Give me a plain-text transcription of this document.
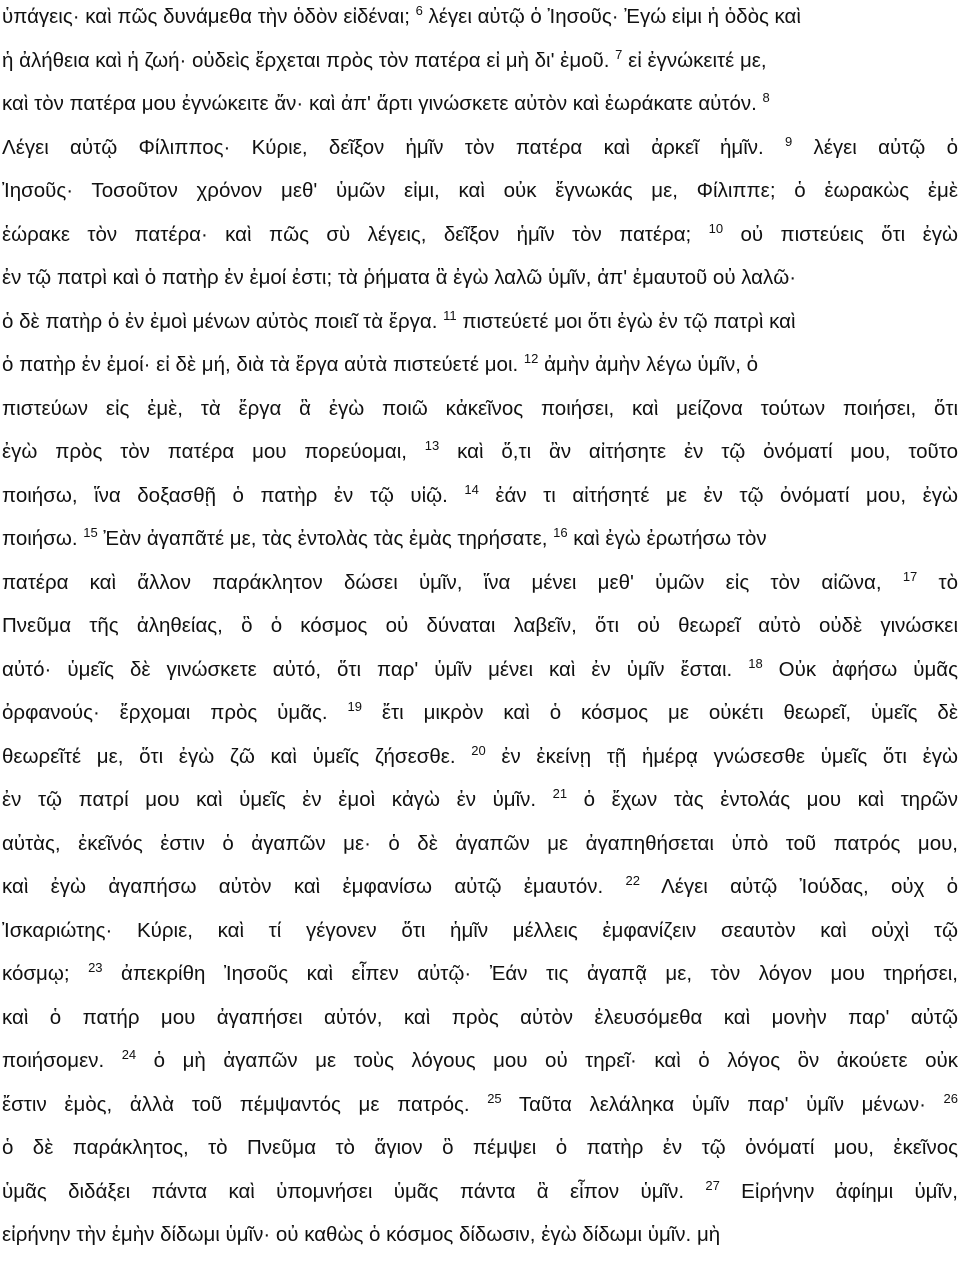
ὑπάγεις· καὶ πῶς δυνάμεθα τὴν ὁδὸν εἰδέναι; $^6$ λέγει αὐτῷ ὁ Ἰησοῦς· Ἐγώ εἰμι ἡ ὁδὸς καὶ
ἡ ἀλήθεια καὶ ἡ ζωή· οὐδεὶς ἔρχεται πρὸς τὸν πατέρα εἰ μὴ δι' ἐμοῦ. $^7$ εἰ ἐγνώκειτέ με,
καὶ τὸν πατέρα μου ἐγνώκειτε ἄν· καὶ ἀπ' ἄρτι γινώσκετε αὐτὸν καὶ ἑωράκατε αὐτόν. $^8$
Λέγει αὐτῷ Φίλιππος· Κύριε, δεῖξον ἡμῖν τὸν πατέρα καὶ ἀρκεῖ ἡμῖν. $^9$ λέγει αὐτῷ ὁ
Ἰησοῦς· Τοσοῦτον χρόνον μεθ' ὑμῶν εἰμι, καὶ οὐκ ἔγνωκάς με, Φίλιππε; ὁ ἑωρακὼς ἐμὲ
ἑώρακε τὸν πατέρα· καὶ πῶς σὺ λέγεις, δεῖξον ἡμῖν τὸν πατέρα; $^{10}$ οὐ πιστεύεις ὅτι ἐγὼ
ἐν τῷ πατρὶ καὶ ὁ πατὴρ ἐν ἐμοί ἐστι; τὰ ῥήματα ἃ ἐγὼ λαλῶ ὑμῖν, ἀπ' ἐμαυτοῦ οὐ λαλῶ·
ὁ δὲ πατὴρ ὁ ἐν ἐμοὶ μένων αὐτὸς ποιεῖ τὰ ἔργα. $^{11}$ πιστεύετέ μοι ὅτι ἐγὼ ἐν τῷ πατρὶ καὶ
ὁ πατὴρ ἐν ἐμοί· εἰ δὲ μή, διὰ τὰ ἔργα αὐτὰ πιστεύετέ μοι. $^{12}$ ἀμὴν ἀμὴν λέγω ὑμῖν, ὁ
πιστεύων εἰς ἐμὲ, τὰ ἔργα ἃ ἐγὼ ποιῶ κἀκεῖνος ποιήσει, καὶ μείζονα τούτων ποιήσει, ὅτι
ἐγὼ πρὸς τὸν πατέρα μου πορεύομαι, $^{13}$ καὶ ὅ,τι ἂν αἰτήσητε ἐν τῷ ὀνόματί μου, τοῦτο
ποιήσω, ἵνα δοξασθῇ ὁ πατὴρ ἐν τῷ υἱῷ. $^{14}$ ἐάν τι αἰτήσητέ με ἐν τῷ ὀνόματί μου, ἐγὼ
ποιήσω. $^{15}$ Ἐὰν ἀγαπᾶτέ με, τὰς ἐντολὰς τὰς ἐμὰς τηρήσατε, $^{16}$ καὶ ἐγὼ ἐρωτήσω τὸν
πατέρα καὶ ἄλλον παράκλητον δώσει ὑμῖν, ἵνα μένει μεθ' ὑμῶν εἰς τὸν αἰῶνα, $^{17}$ τὸ
Πνεῦμα τῆς ἀληθείας, ὃ ὁ κόσμος οὐ δύναται λαβεῖν, ὅτι οὐ θεωρεῖ αὐτὸ οὐδὲ γινώσκει
αὐτό· ὑμεῖς δὲ γινώσκετε αὐτό, ὅτι παρ' ὑμῖν μένει καὶ ἐν ὑμῖν ἔσται. $^{18}$ Οὐκ ἀφήσω ὑμᾶς
ὀρφανούς· ἔρχομαι πρὸς ὑμᾶς. $^{19}$ ἔτι μικρὸν καὶ ὁ κόσμος με οὐκέτι θεωρεῖ, ὑμεῖς δὲ
θεωρεῖτέ με, ὅτι ἐγὼ ζῶ καὶ ὑμεῖς ζήσεσθε. $^{20}$ ἐν ἐκείνῃ τῇ ἡμέρᾳ γνώσεσθε ὑμεῖς ὅτι ἐγὼ
ἐν τῷ πατρί μου καὶ ὑμεῖς ἐν ἐμοὶ κἀγὼ ἐν ὑμῖν. $^{21}$ ὁ ἔχων τὰς ἐντολάς μου καὶ τηρῶν
αὐτὰς, ἐκεῖνός ἐστιν ὁ ἀγαπῶν με· ὁ δὲ ἀγαπῶν με ἀγαπηθήσεται ὑπὸ τοῦ πατρός μου,
καὶ ἐγὼ ἀγαπήσω αὐτὸν καὶ ἐμφανίσω αὐτῷ ἐμαυτόν. $^{22}$ Λέγει αὐτῷ Ἰούδας, οὐχ ὁ
Ἰσκαριώτης· Κύριε, καὶ τί γέγονεν ὅτι ἡμῖν μέλλεις ἐμφανίζειν σεαυτὸν καὶ οὐχὶ τῷ
κόσμῳ; $^{23}$ ἀπεκρίθη Ἰησοῦς καὶ εἶπεν αὐτῷ· Ἐάν τις ἀγαπᾷ με, τὸν λόγον μου τηρήσει,
καὶ ὁ πατήρ μου ἀγαπήσει αὐτόν, καὶ πρὸς αὐτὸν ἐλευσόμεθα καὶ μονὴν παρ' αὐτῷ
ποιήσομεν. $^{24}$ ὁ μὴ ἀγαπῶν με τοὺς λόγους μου οὐ τηρεῖ· καὶ ὁ λόγος ὃν ἀκούετε οὐκ
ἔστιν ἐμὸς, ἀλλὰ τοῦ πέμψαντός με πατρός. $^{25}$ Ταῦτα λελάληκα ὑμῖν παρ' ὑμῖν μένων· $^{26}$
ὁ δὲ παράκλητος, τὸ Πνεῦμα τὸ ἅγιον ὃ πέμψει ὁ πατὴρ ἐν τῷ ὀνόματί μου, ἐκεῖνος
ὑμᾶς διδάξει πάντα καὶ ὑπομνήσει ὑμᾶς πάντα ἃ εἶπον ὑμῖν. $^{27}$ Εἰρήνην ἀφίημι ὑμῖν,
εἰρήνην τὴν ἐμὴν δίδωμι ὑμῖν· οὐ καθὼς ὁ κόσμος δίδωσιν, ἐγὼ δίδωμι ὑμῖν. μὴ
